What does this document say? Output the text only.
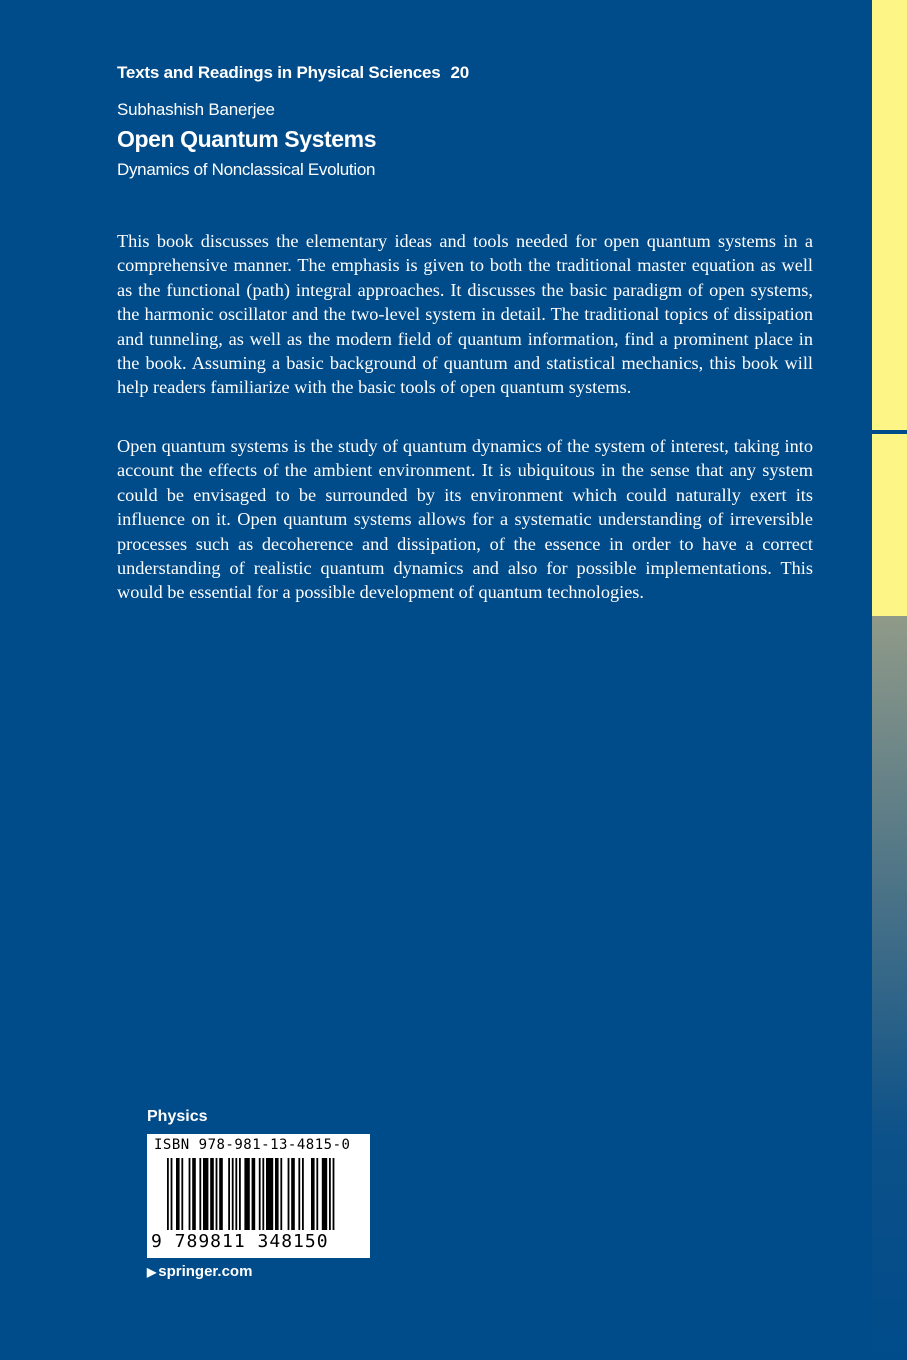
Texts and Readings in Physical Sciences 20
Subhashish Banerjee
Open Quantum Systems
Dynamics of Nonclassical Evolution

This book discusses the elementary ideas and tools needed for open quantum systems in a comprehensive manner. The emphasis is given to both the traditional master equation as well as the functional (path) integral approaches. It discusses the basic paradigm of open systems, the harmonic oscillator and the two-level system in detail. The traditional topics of dissipation and tunneling, as well as the modern field of quantum information, find a prominent place in the book. Assuming a basic background of quantum and statistical mechanics, this book will help readers familiarize with the basic tools of open quantum systems.

Open quantum systems is the study of quantum dynamics of the system of interest, taking into account the effects of the ambient environment. It is ubiquitous in the sense that any system could be envisaged to be surrounded by its environment which could naturally exert its influence on it. Open quantum systems allows for a systematic understanding of irreversible processes such as decoherence and dissipation, of the essence in order to have a correct understanding of realistic quantum dynamics and also for possible implementations. This would be essential for a possible development of quantum technologies.

Physics
ISBN 978-981-13-4815-0
9 789811 348150
▶ springer.com
